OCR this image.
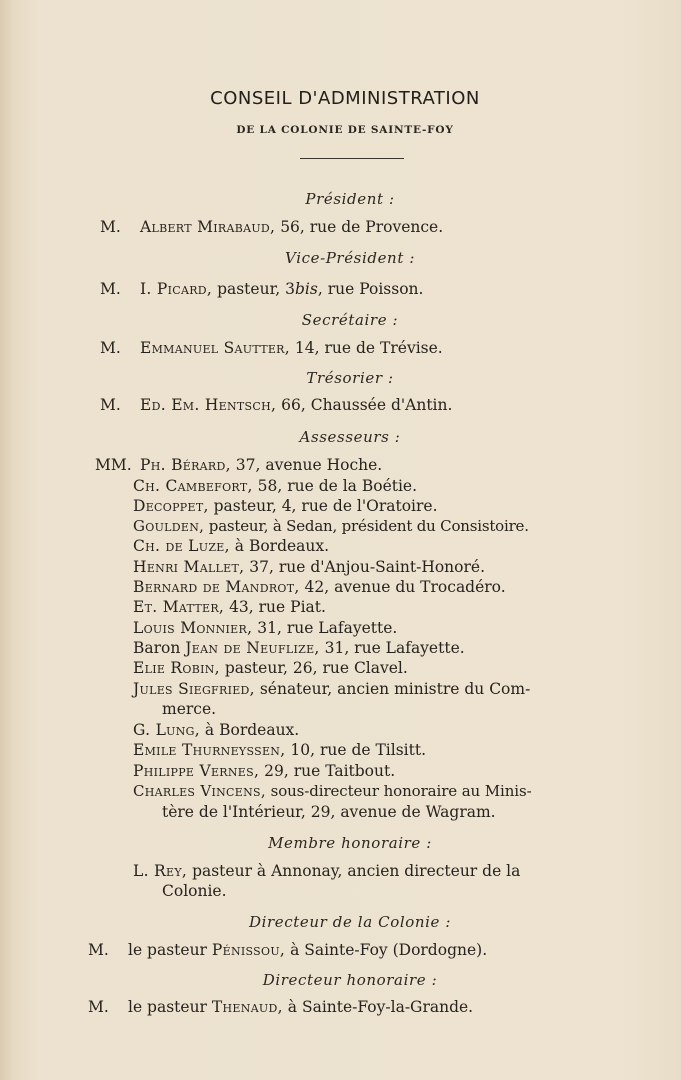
CONSEIL D'ADMINISTRATION
DE LA COLONIE DE SAINTE-FOY
Président :
M. Albert Mirabaud, 56, rue de Provence.
Vice-Président :
M. I. Picard, pasteur, 3bis, rue Poisson.
Secrétaire :
M. Emmanuel Sautter, 14, rue de Trévise.
Trésorier :
M. Ed. Em. Hentsch, 66, Chaussée d'Antin.
Assesseurs :
MM. Ph. Bérard, 37, avenue Hoche.
Ch. Cambefort, 58, rue de la Boétie.
Decoppet, pasteur, 4, rue de l'Oratoire.
Goulden, pasteur, à Sedan, président du Consistoire.
Ch. de Luze, à Bordeaux.
Henri Mallet, 37, rue d'Anjou-Saint-Honoré.
Bernard de Mandrot, 42, avenue du Trocadéro.
Et. Matter, 43, rue Piat.
Louis Monnier, 31, rue Lafayette.
Baron Jean de Neuflize, 31, rue Lafayette.
Elie Robin, pasteur, 26, rue Clavel.
Jules Siegfried, sénateur, ancien ministre du Com-
merce.
G. Lung, à Bordeaux.
Emile Thurneyssen, 10, rue de Tilsitt.
Philippe Vernes, 29, rue Taitbout.
Charles Vincens, sous-directeur honoraire au Minis-
tère de l'Intérieur, 29, avenue de Wagram.
Membre honoraire :
L. Rey, pasteur à Annonay, ancien directeur de la
Colonie.
Directeur de la Colonie :
M. le pasteur Pénissou, à Sainte-Foy (Dordogne).
Directeur honoraire :
M. le pasteur Thenaud, à Sainte-Foy-la-Grande.
